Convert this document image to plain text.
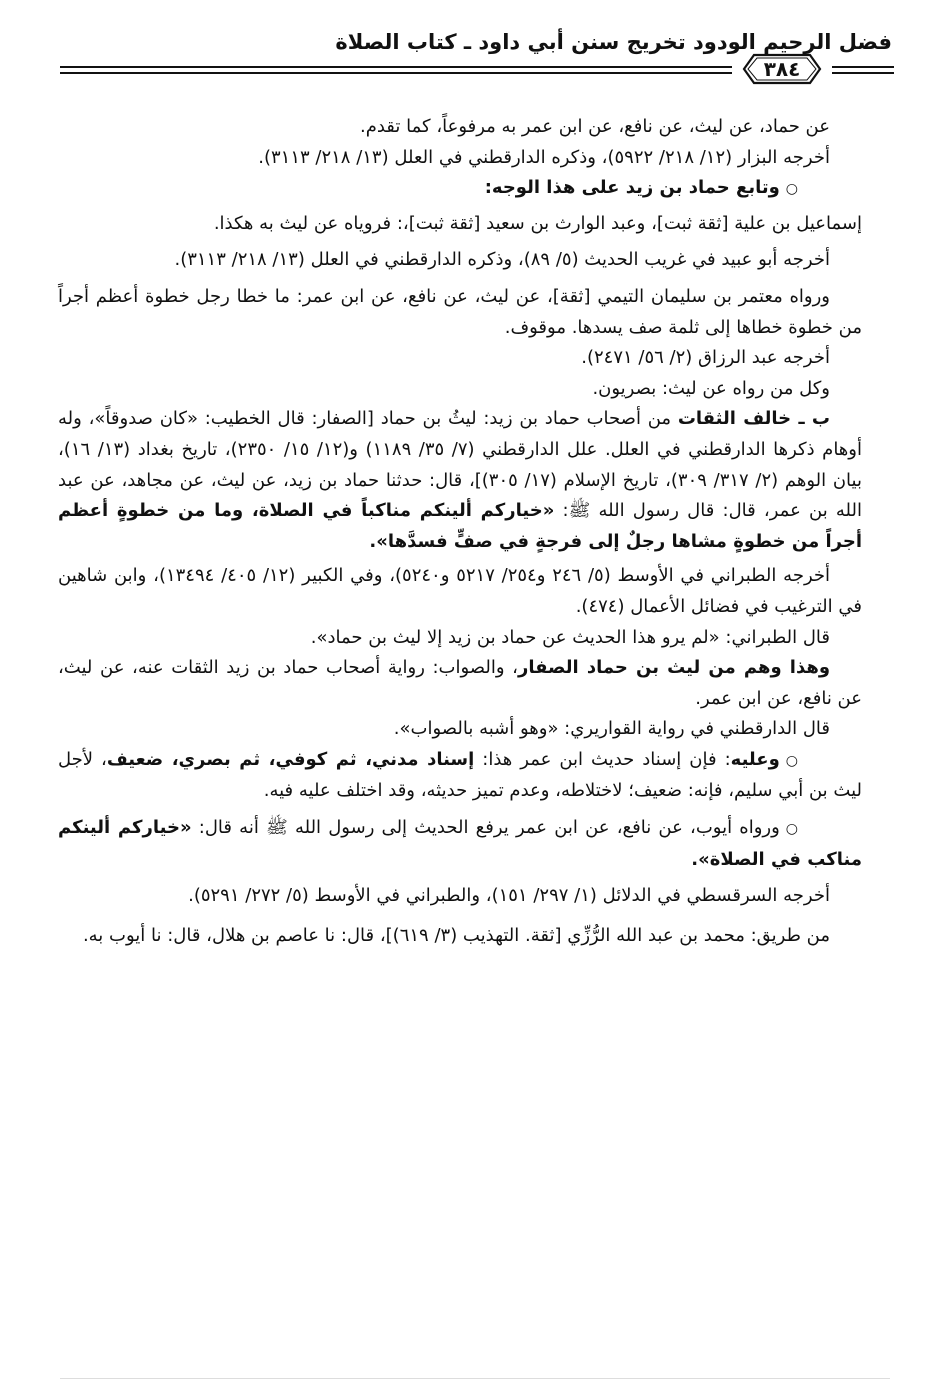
فضل الرحيم الودود تخريج سنن أبي داود ـ كتاب الصلاة
٣٨٤

عن حماد، عن ليث، عن نافع، عن ابن عمر به مرفوعاً، كما تقدم.

أخرجه البزار (١٢/ ٢١٨/ ٥٩٢٢)، وذكره الدارقطني في العلل (١٣/ ٢١٨/ ٣١١٣).

○وتابع حماد بن زيد على هذا الوجه:

إسماعيل بن علية [ثقة ثبت]، وعبد الوارث بن سعيد [ثقة ثبت]،: فروياه عن ليث به هكذا.

أخرجه أبو عبيد في غريب الحديث (٥/ ٨٩)، وذكره الدارقطني في العلل (١٣/ ٢١٨/ ٣١١٣).

ورواه معتمر بن سليمان التيمي [ثقة]، عن ليث، عن نافع، عن ابن عمر: ما خطا رجل خطوة أعظم أجراً من خطوة خطاها إلى ثلمة صف يسدها. موقوف.

أخرجه عبد الرزاق (٢/ ٥٦/ ٢٤٧١).

وكل من رواه عن ليث: بصريون.

ب ـ خالف الثقات من أصحاب حماد بن زيد: ليثُ بن حماد [الصفار: قال الخطيب: «كان صدوقاً»، وله أوهام ذكرها الدارقطني في العلل. علل الدارقطني (٧/ ٣٥/ ١١٨٩) و(١٢/ ١٥/ ٢٣٥٠)، تاريخ بغداد (١٣/ ١٦)، بيان الوهم (٢/ ٣١٧/ ٣٠٩)، تاريخ الإسلام (١٧/ ٣٠٥)]، قال: حدثنا حماد بن زيد، عن ليث، عن مجاهد، عن عبد الله بن عمر، قال: قال رسول الله ﷺ: «خياركم ألينكم مناكباً في الصلاة، وما من خطوةٍ أعظم أجراً من خطوةٍ مشاها رجلٌ إلى فرجةٍ في صفٍّ فسدَّها».

أخرجه الطبراني في الأوسط (٥/ ٢٤٦ و٢٥٤/ ٥٢١٧ و٥٢٤٠)، وفي الكبير (١٢/ ٤٠٥/ ١٣٤٩٤)، وابن شاهين في الترغيب في فضائل الأعمال (٤٧٤).

قال الطبراني: «لم يرو هذا الحديث عن حماد بن زيد إلا ليث بن حماد».

وهذا وهم من ليث بن حماد الصفار، والصواب: رواية أصحاب حماد بن زيد الثقات عنه، عن ليث، عن نافع، عن ابن عمر.

قال الدارقطني في رواية القواريري: «وهو أشبه بالصواب».

○وعليه: فإن إسناد حديث ابن عمر هذا: إسناد مدني، ثم كوفي، ثم بصري، ضعيف، لأجل ليث بن أبي سليم، فإنه: ضعيف؛ لاختلاطه، وعدم تميز حديثه، وقد اختلف عليه فيه.

○ورواه أيوب، عن نافع، عن ابن عمر يرفع الحديث إلى رسول الله ﷺ أنه قال: «خياركم ألينكم مناكب في الصلاة».

أخرجه السرقسطي في الدلائل (١/ ٢٩٧/ ١٥١)، والطبراني في الأوسط (٥/ ٢٧٢/ ٥٢٩١).

من طريق: محمد بن عبد الله الرُّزِّي [ثقة. التهذيب (٣/ ٦١٩)]، قال: نا عاصم بن هلال، قال: نا أيوب به.
